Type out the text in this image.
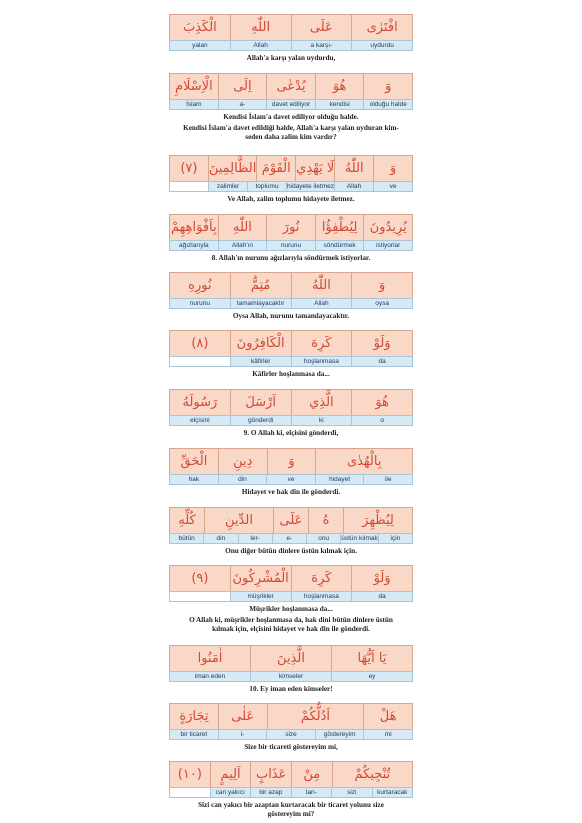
افْتَرٰى
عَلَى
اللّٰهِ
الْكَذِبَ
uydurdu
-a karşı
Allah
yalan
Allah'a karşı yalan uydurdu,
وَ
هُوَ
يُدْعٰى
اِلَى
الْاِسْلَامِ
olduğu halde
kendisi
davet ediliyor
-a
İslam
Kendisi İslam'a davet ediliyor olduğu halde.
Kendisi İslam'a davet edildiği halde, Allah'a karşı yalan uyduran kim-
seden daha zalim kim vardır?
وَ
اللّٰهُ
لَا يَهْدِي
الْقَوْمَ
الظَّالِمِينَ
(٧)
ve
Allah
hidayete iletmez
toplumu
zalimler
Ve Allah, zalim toplumu hidayete iletmez.
يُرِيدُونَ
لِيُطْفِؤُا
نُورَ
اللّٰهِ
بِاَفْوَاهِهِمْ
istiyorlar
söndürmek
nurunu
Allah'ın
ağızlarıyla
8. Allah'ın nurunu ağızlarıyla söndürmek istiyorlar.
وَ
اللّٰهُ
مُتِمُّ
نُورِهِ
oysa
Allah
tamamlayacaktır
nurunu
Oysa Allah, nurunu tamamlayacaktır.
وَلَوْ
كَرِهَ
الْكَافِرُونَ
(٨)
da
hoşlanmasa
kâfirler
Kâfirler hoşlanmasa da...
هُوَ
الَّذِي
اَرْسَلَ
رَسُولَهُ
o
ki
gönderdi
elçisini
9. O Allah ki, elçisini gönderdi,
بِالْهُدٰى
وَ
دِينِ
الْحَقِّ
ile
hidayet
ve
din
hak
Hidayet ve hak din ile gönderdi.
لِيُظْهِرَ
هُ
عَلَى
الدِّينِ
كُلِّهِ
için
üstün kılmak
onu
-e
-ler
din
bütün
Onu diğer bütün dinlere üstün kılmak için.
وَلَوْ
كَرِهَ
الْمُشْرِكُونَ
(٩)
da
hoşlanmasa
müşrikler
Müşrikler hoşlanmasa da...
O Allah ki, müşrikler hoşlanmasa da, hak dini bütün dinlere üstün
kılmak için, elçisini hidayet ve hak din ile gönderdi.
يَا اَيُّهَا
الَّذِينَ
اٰمَنُوا
ey
kimseler
iman eden
10. Ey iman eden kimseler!
هَلْ
اَدُلُّكُمْ
عَلٰى
تِجَارَةٍ
mi
göstereyim
size
-i
bir ticaret
Size bir ticareti göstereyim mi,
تُنْجِيكُمْ
مِنْ
عَذَابٍ
اَلِيمٍ
(١٠)
kurtaracak
sizi
-tan
bir azap
can yakıcı
Sizi can yakıcı bir azaptan kurtaracak bir ticaret yolunu size
göstereyim mi?
